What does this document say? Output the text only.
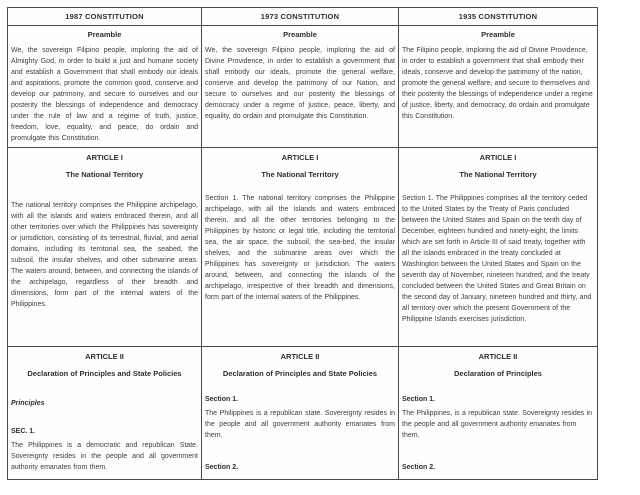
1987 CONSTITUTION	1973 CONSTITUTION	1935 CONSTITUTION
Preamble

We, the sovereign Filipino people, imploring the aid of Almighty God, in order to build a just and humane society and establish a Government that shall embody our ideals and aspirations, promote the common good, conserve and develop our patrimony, and secure to ourselves and our posterity the blessings of independence and democracy under the rule of law and a regime of truth, justice, freedom, love, equality, and peace, do ordain and promulgate this Constitution.

Preamble

We, the sovereign Filipino people, imploring the aid of Divine Providence, in order to establish a government that shall embody our ideals, promote the general welfare, conserve and develop the patrimony of our Nation, and secure to ourselves and our posterity the blessings of democracy under a regime of justice, peace, liberty, and equality, do ordain and promulgate this Constitution.

Preamble

The Filipino people, imploring the aid of Divine Providence, in order to establish a government that shall embody their ideals, conserve and develop the patrimony of the nation, promote the general welfare, and secure to themselves and their posterity the blessings of independence under a regime of justice, liberty, and democracy, do ordain and promulgate this Constitution.

ARTICLE I
The National Territory

The national territory comprises the Philippine archipelago, with all the islands and waters embraced therein, and all other territories over which the Philippines has sovereignty or jurisdiction, consisting of its terrestrial, fluvial, and aerial domains, including its territorial sea, the seabed, the subsoil, the insular shelves, and other submarine areas. The waters around, between, and connecting the islands of the archipelago, regardless of their breadth and dimensions, form part of the internal waters of the Philippines.

ARTICLE I
The National Territory

Section 1. The national territory comprises the Philippine archipelago, with all the islands and waters embraced therein, and all the other territories belonging to the Philippines by historic or legal title, including the territorial sea, the air space, the subsoil, the sea-bed, the insular shelves, and the submarine areas over which the Philippines has sovereignty or jurisdiction. The waters around, between, and connecting the islands of the archipelago, irrespective of their breadth and dimensions, form part of the internal waters of the Philippines.

ARTICLE I
The National Territory

Section 1. The Philippines comprises all the territory ceded to the United States by the Treaty of Paris concluded between the United States and Spain on the tenth day of December, eighteen hundred and ninety-eight, the limits which are set forth in Article III of said treaty, together with all the islands embraced in the treaty concluded at Washington between the United States and Spain on the seventh day of November, nineteen hundred, and the treaty concluded between the United States and Great Britain on the second day of January, nineteen hundred and thirty, and all territory over which the present Government of the Philippine Islands exercises jurisdiction.

ARTICLE II
Declaration of Principles and State Policies

Principles

SEC. 1.

The Philippines is a democratic and republican State. Sovereignty resides in the people and all government authority emanates from them.

ARTICLE II
Declaration of Principles and State Policies

Section 1.

The Philippines is a republican state. Sovereignty resides in the people and all government authority emanates from them.

Section 2.

ARTICLE II
Declaration of Principles

Section 1.

The Philippines, is a republican state. Sovereignty resides in the people and all government authority emanates from them.

Section 2.
